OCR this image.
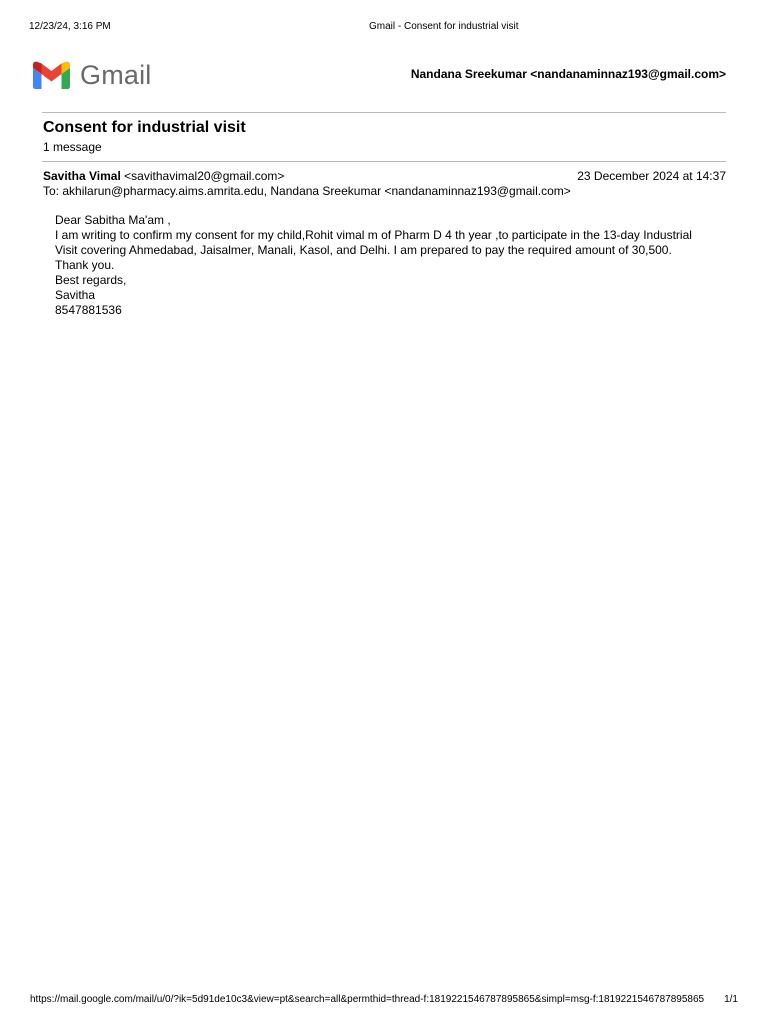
12/23/24, 3:16 PM	Gmail - Consent for industrial visit
Gmail	Nandana Sreekumar <nandanaminnaz193@gmail.com>
Consent for industrial visit
1 message
Savitha Vimal <savithavimal20@gmail.com>	23 December 2024 at 14:37
To: akhilarun@pharmacy.aims.amrita.edu, Nandana Sreekumar <nandanaminnaz193@gmail.com>
Dear Sabitha Ma'am ,
I am writing to confirm my consent for my child,Rohit vimal m of Pharm D 4 th year ,to participate in the 13-day Industrial
Visit covering Ahmedabad, Jaisalmer, Manali, Kasol, and Delhi. I am prepared to pay the required amount of 30,500.
Thank you.
Best regards,
Savitha
8547881536
https://mail.google.com/mail/u/0/?ik=5d91de10c3&view=pt&search=all&permthid=thread-f:1819221546787895865&simpl=msg-f:1819221546787895865 1/1
